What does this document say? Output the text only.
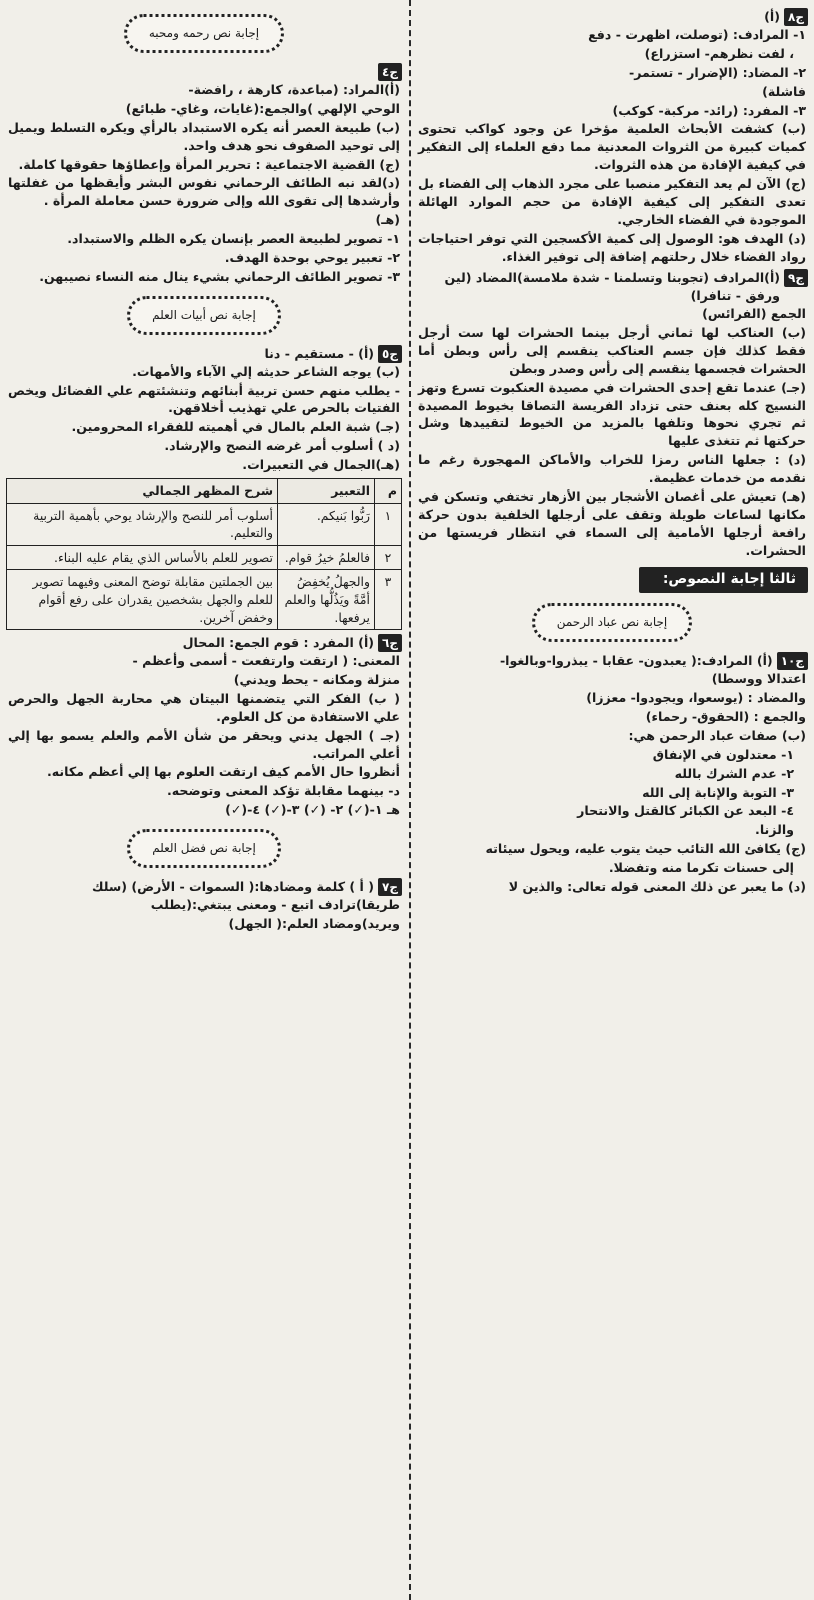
ج٨
(أ)

١- المرادف: (توصلت، اظهرت - دفع

، لفت نظرهم- استزراع)

٢- المضاد: (الإضرار - تستمر-

فاشلة)

٣- المفرد: (رائد- مركبة- كوكب)

(ب) كشفت الأبحاث العلمية مؤخرا عن وجود كواكب تحتوى كميات كبيرة من الثروات المعدنية مما دفع العلماء إلى التفكير في كيفية الإفادة من هذه الثروات.

(ج) الآن لم يعد التفكير منصبا على مجرد الذهاب إلى الفضاء بل تعدى التفكير إلى كيفية الإفادة من حجم الموارد الهائلة الموجودة في الفضاء الخارجي.

(د) الهدف هو: الوصول إلى كمية الأكسجين التي توفر احتياجات رواد الفضاء خلال رحلتهم إضافة إلى توفير الغذاء.

ج٩
(أ)المرادف (تجوبنا وتسلمنا - شدة ملامسة)المضاد (لين ورفق - تنافرا)

الجمع (الفرائس)

(ب) العناكب لها ثماني أرجل بينما الحشرات لها ست أرجل فقط كذلك فإن جسم العناكب ينقسم إلى رأس وبطن أما الحشرات فجسمها ينقسم إلى رأس وصدر وبطن

(جـ) عندما تقع إحدى الحشرات في مصيدة العنكبوت تسرع وتهز النسيج كله بعنف حتى تزداد الفريسة التصاقا بخيوط المصيدة ثم تجري نحوها وتلفها بالمزيد من الخيوط لتقييدها وشل حركتها ثم تتغذى عليها

(د) : جعلها الناس رمزا للخراب والأماكن المهجورة رغم ما نقدمه من خدمات عظيمة.

(هـ) تعيش على أغصان الأشجار بين الأزهار تختفي وتسكن في مكانها لساعات طويلة وتقف على أرجلها الخلفية بدون حركة رافعة أرجلها الأمامية إلى السماء في انتظار فريستها من الحشرات.

ثالثا إجابة النصوص:
إجابة نص عباد الرحمن
ج١٠
(أ) المرادف:( يعبدون- عقابا - يبذروا-وبالغوا-

اعتدالا ووسطا)

والمضاد : (يوسعوا، ويجودوا- معززا)

والجمع : (الحقوق- رحماء)

(ب) صفات عباد الرحمن هي:

١- معتدلون في الإنفاق

٢- عدم الشرك بالله

٣- التوبة والإنابة إلى الله

٤- البعد عن الكبائر كالقتل والانتحار

والزنا.

(ج) يكافئ الله التائب حيث يتوب عليه، ويحول سيئاته

إلى حسنات تكرما منه وتفضلا.

(د) ما يعبر عن ذلك المعنى قوله تعالى: والذين لا

إجابة نص رحمه ومحبه
ج٤

(أ)المراد: (مباعدة، كارهة ، رافضة-

الوحي الإلهي )والجمع:(غايات، وغاي- طبائع)

(ب) طبيعة العصر أنه يكره الاستبداد بالرأي ويكره التسلط ويميل إلى توحيد الصفوف نحو هدف واحد.

(ج) القضية الاجتماعية : تحرير المرأة وإعطاؤها حقوقها كاملة.

(د)لقد نبه الطائف الرحماني نفوس البشر وأيقظها من غفلتها وأرشدها إلى تقوى الله وإلى ضرورة حسن معاملة المرأة .

(هـ)

١- تصوير لطبيعة العصر بإنسان يكره الظلم والاستبداد.

٢- تعبير يوحي بوحدة الهدف.

٣- تصوير الطائف الرحماني بشيء ينال منه النساء نصيبهن.

إجابة نص أبيات العلم
ج٥
(أ) - مستقيم - دنا

(ب) يوجه الشاعر حديثه إلي الآباء والأمهات.

- يطلب منهم حسن تربية أبنائهم وتنشئتهم علي الفضائل ويخص الفتيات بالحرص علي تهذيب أخلاقهن.

(جـ) شبة العلم بالمال في أهميته للفقراء المحرومين.

(د ) أسلوب أمر غرضه النصح والإرشاد.

(هـ)الجمال في التعبيرات.

م	التعبير	شرح المظهر الجمالي
١	رَبُّوا بَنيكم.	أسلوب أمر للنصح والإرشاد يوحي بأهمية التربية والتعليم.
٢	فالعلمُ خيرُ قوام.	تصوير للعلم بالأساس الذي يقام عليه البناء.
٣	والجهلُ يُخفِضُ أمَّةً ويَذُلُّها والعلم يرفعها.	بين الجملتين مقابلة توضح المعنى وفيهما تصوير للعلم والجهل بشخصين يقدران على رفع أقوام وخفض آخرين.
ج٦
(أ) المفرد : قوم الجمع: المحال

المعنى: ( ارتقت وارتفعت - أسمى وأعظم -

منزلة ومكانه - يحط ويدني)

( ب) الفكر التي يتضمنها البيتان هي محاربة الجهل والحرص علي الاستفادة من كل العلوم.

(جـ ) الجهل يدني ويحقر من شأن الأمم والعلم يسمو بها إلي أعلي المراتب.

أنظروا حال الأمم كيف ارتقت العلوم بها إلي أعظم مكانه.

د- بينهما مقابلة تؤكد المعنى وتوضحه.

هـ ١-(✓) ٢- (✓) ٣-(✓) ٤-(✓)

إجابة نص فضل العلم
ج٧
( أ ) كلمة ومضادها:( السموات - الأرض) (سلك

طريقا)ترادف اتبع - ومعنى يبتغي:(يطلب

ويريد)ومضاد العلم:( الجهل)
